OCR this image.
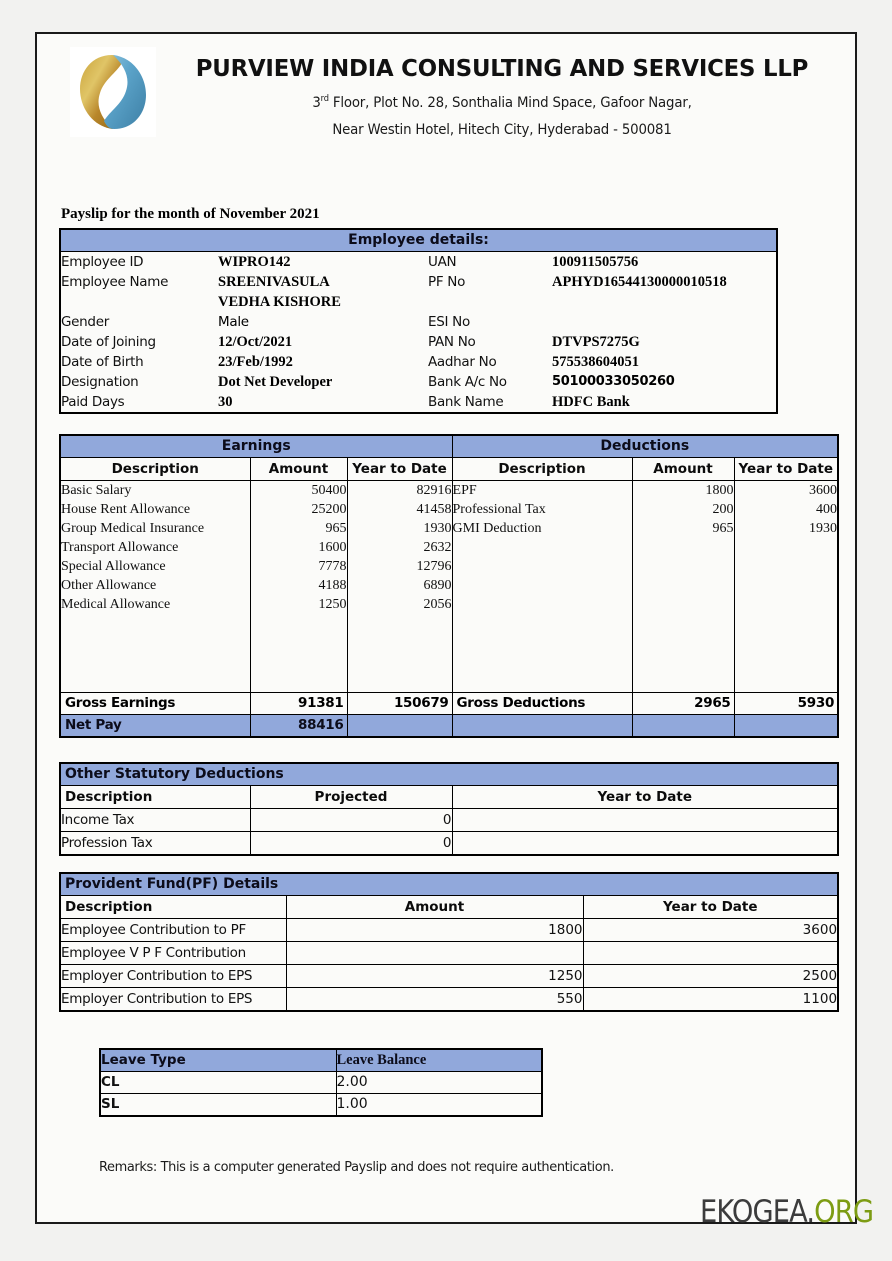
PURVIEW INDIA CONSULTING AND SERVICES LLP
3rd Floor, Plot No. 28, Sonthalia Mind Space, Gafoor Nagar,
Near Westin Hotel, Hitech City, Hyderabad - 500081
Payslip for the month of November 2021
Employee details:			
Employee ID	WIPRO142	UAN	100911505756
Employee Name	SREENIVASULA	PF No	APHYD16544130000010518
	VEDHA KISHORE		
Gender	Male	ESI No	
Date of Joining	12/Oct/2021	PAN No	DTVPS7275G
Date of Birth	23/Feb/1992	Aadhar No	575538604051
Designation	Dot Net Developer	Bank A/c No	50100033050260
Paid Days	30	Bank Name	HDFC Bank
Earnings			Deductions		
Description	Amount	Year to Date	Description	Amount	Year to Date
Basic Salary	50400	82916	EPF	1800	3600
House Rent Allowance	25200	41458	Professional Tax	200	400
Group Medical Insurance	965	1930	GMI Deduction	965	1930
Transport Allowance	1600	2632			
Special Allowance	7778	12796			
Other Allowance	4188	6890			
Medical Allowance	1250	2056			

Gross Earnings	91381	150679	Gross Deductions	2965	5930
Net Pay	88416				
Other Statutory Deductions		
Description	Projected	Year to Date
Income Tax	0	
Profession Tax	0	
Provident Fund(PF) Details		
Description	Amount	Year to Date
Employee Contribution to PF	1800	3600
Employee V P F Contribution		
Employer Contribution to EPS	1250	2500
Employer Contribution to EPS	550	1100
Leave Type	Leave Balance
CL	2.00
SL	1.00
Remarks: This is a computer generated Payslip and does not require authentication.
EKOGEA.ORG
